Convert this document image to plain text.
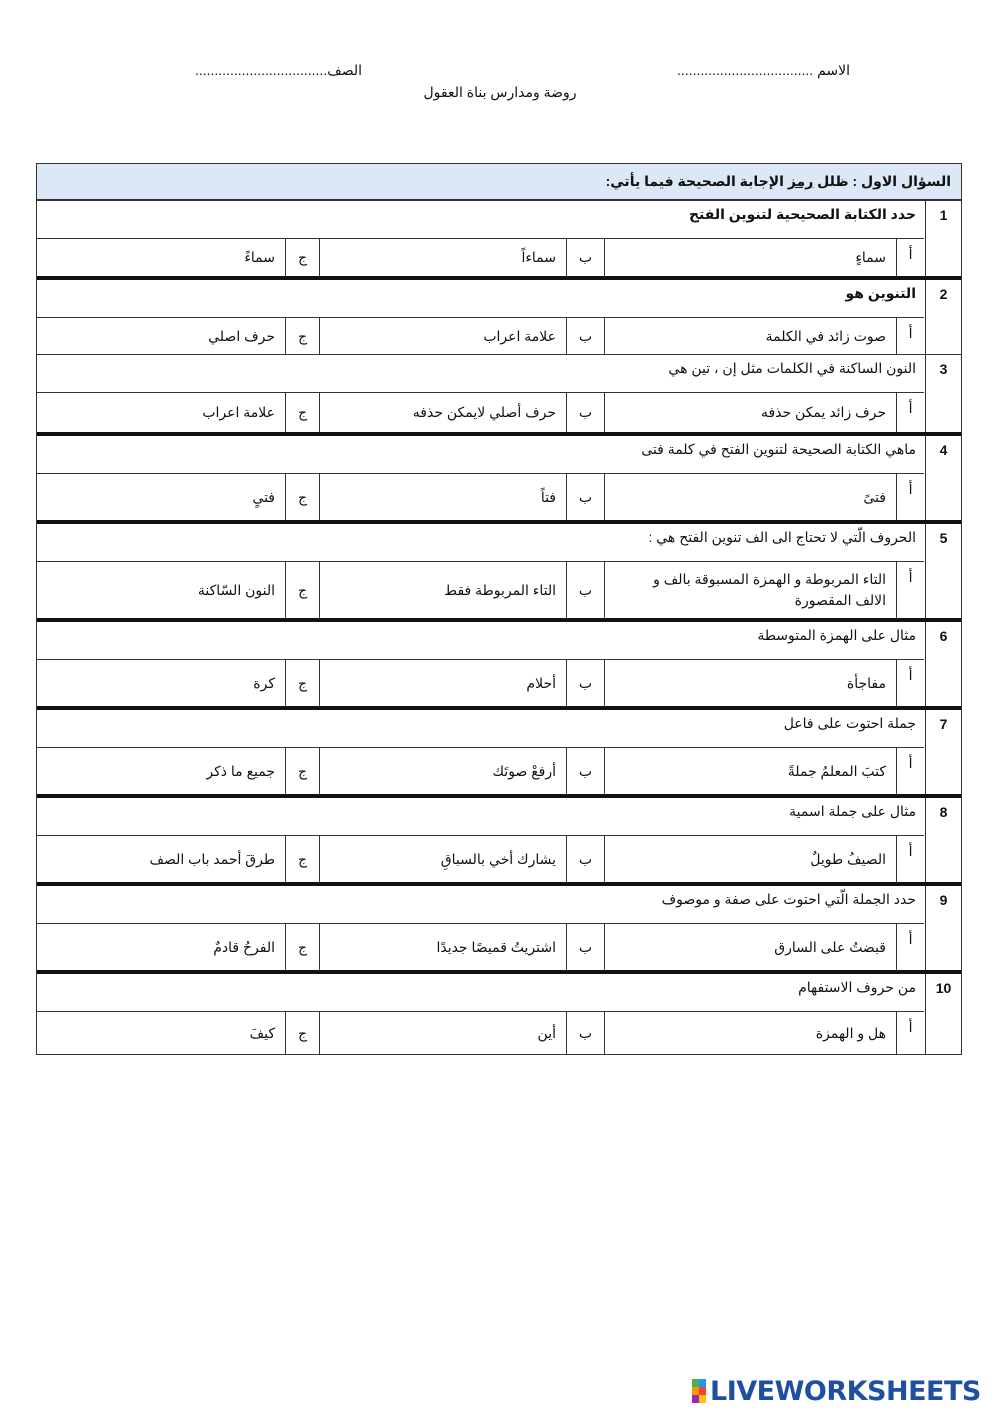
الاسم ...................................
الصف..................................
روضة ومدارس بناة العقول
السؤال الاول : ظلل

رمز

الإجابة الصحيحة فيما يأتي:
1
حدد الكتابة الصحيحية لتنوين الفتح
أ
سماءٍ
ب
سماءاً
ج
سماءً
2
التنوين هو
أ
صوت زائد في الكلمة
ب
علامة اعراب
ج
حرف اصلي
3
النون الساكنة في الكلمات مثل إن ، تين هي
أ
حرف زائد يمكن حذفه
ب
حرف أصلي لايمكن حذفه
ج
علامة اعراب
4
ماهي الكتابة الصحيحة لتنوين الفتح في كلمة فتى
أ
فتىً
ب
فتاً
ج
فتىٍ
5
الحروف الّتي لا تحتاج الى الف تنوين الفتح هي :
أ
التاء المربوطة و الهمزة المسبوقة بالف و الالف المقصورة
ب
التاء المربوطة فقط
ج
النون السّاكنة
6
مثال على الهمزة المتوسطة
أ
مفاجأة
ب
أحلام
ج
كرة
7
جملة احتوت على فاعل
أ
كتبَ المعلمُ جملةً
ب
أرفعْ صوتَك
ج
جميع ما ذكر
8
مثال على جملة اسمية
أ
الصيفُ طويلٌ
ب
يشارك أخي بالسباقِ
ج
طرقَ أحمد باب الصف
9
حدد الجملة الّتي احتوت على صفة و موصوف
أ
قبضتُ على السارق
ب
اشتريتُ قميصًا جديدًا
ج
الفرحُ قادمٌ
10
من حروف الاستفهام
أ
هل و الهمزة
ب
أين
ج
كيفَ
LIVEWORKSHEETS
